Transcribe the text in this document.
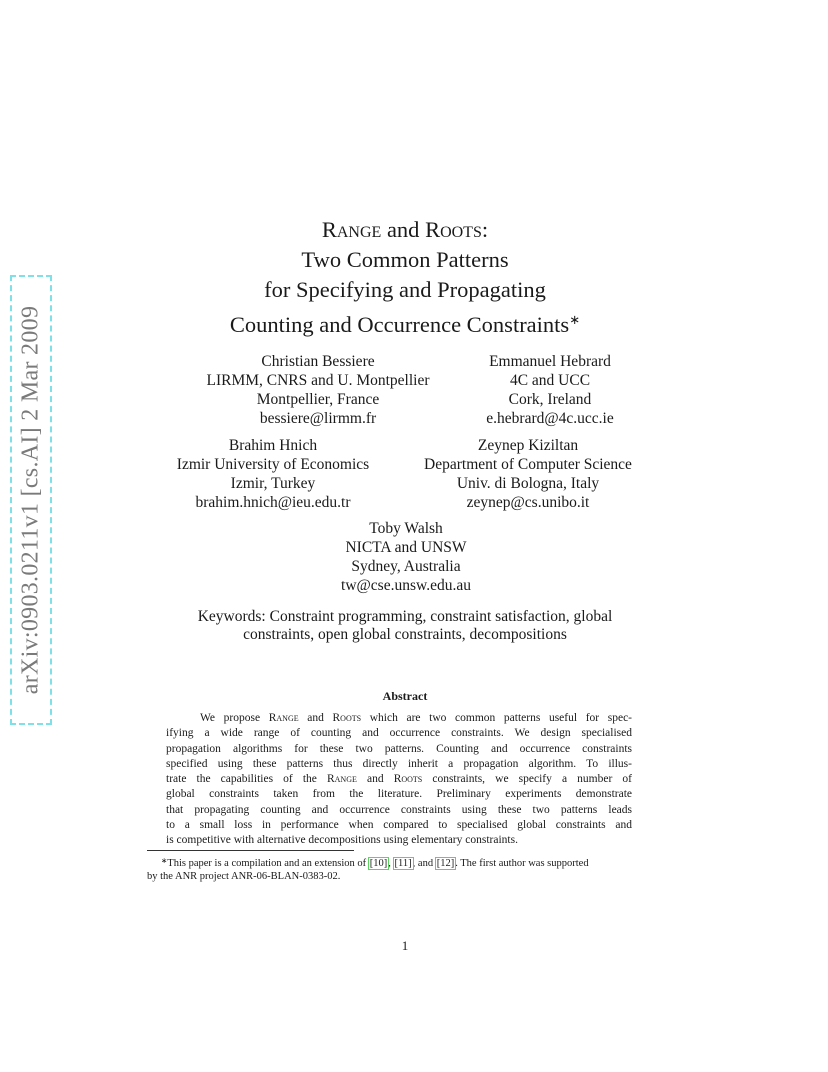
arXiv:0903.0211v1 [cs.AI] 2 Mar 2009
Range and Roots:
Two Common Patterns
for Specifying and Propagating
Counting and Occurrence Constraints∗
Christian Bessiere
LIRMM, CNRS and U. Montpellier
Montpellier, France
bessiere@lirmm.fr
Emmanuel Hebrard
4C and UCC
Cork, Ireland
e.hebrard@4c.ucc.ie
Brahim Hnich
Izmir University of Economics
Izmir, Turkey
brahim.hnich@ieu.edu.tr
Zeynep Kiziltan
Department of Computer Science
Univ. di Bologna, Italy
zeynep@cs.unibo.it
Toby Walsh
NICTA and UNSW
Sydney, Australia
tw@cse.unsw.edu.au
Keywords: Constraint programming, constraint satisfaction, global
constraints, open global constraints, decompositions
Abstract
We propose Range and Roots which are two common patterns useful for spec-
ifying a wide range of counting and occurrence constraints. We design specialised
propagation algorithms for these two patterns. Counting and occurrence constraints
specified using these patterns thus directly inherit a propagation algorithm. To illus-
trate the capabilities of the Range and Roots constraints, we specify a number of
global constraints taken from the literature. Preliminary experiments demonstrate
that propagating counting and occurrence constraints using these two patterns leads
to a small loss in performance when compared to specialised global constraints and
is competitive with alternative decompositions using elementary constraints.
∗This paper is a compilation and an extension of [10], [11], and [12]. The first author was supported
by the ANR project ANR-06-BLAN-0383-02.
1
